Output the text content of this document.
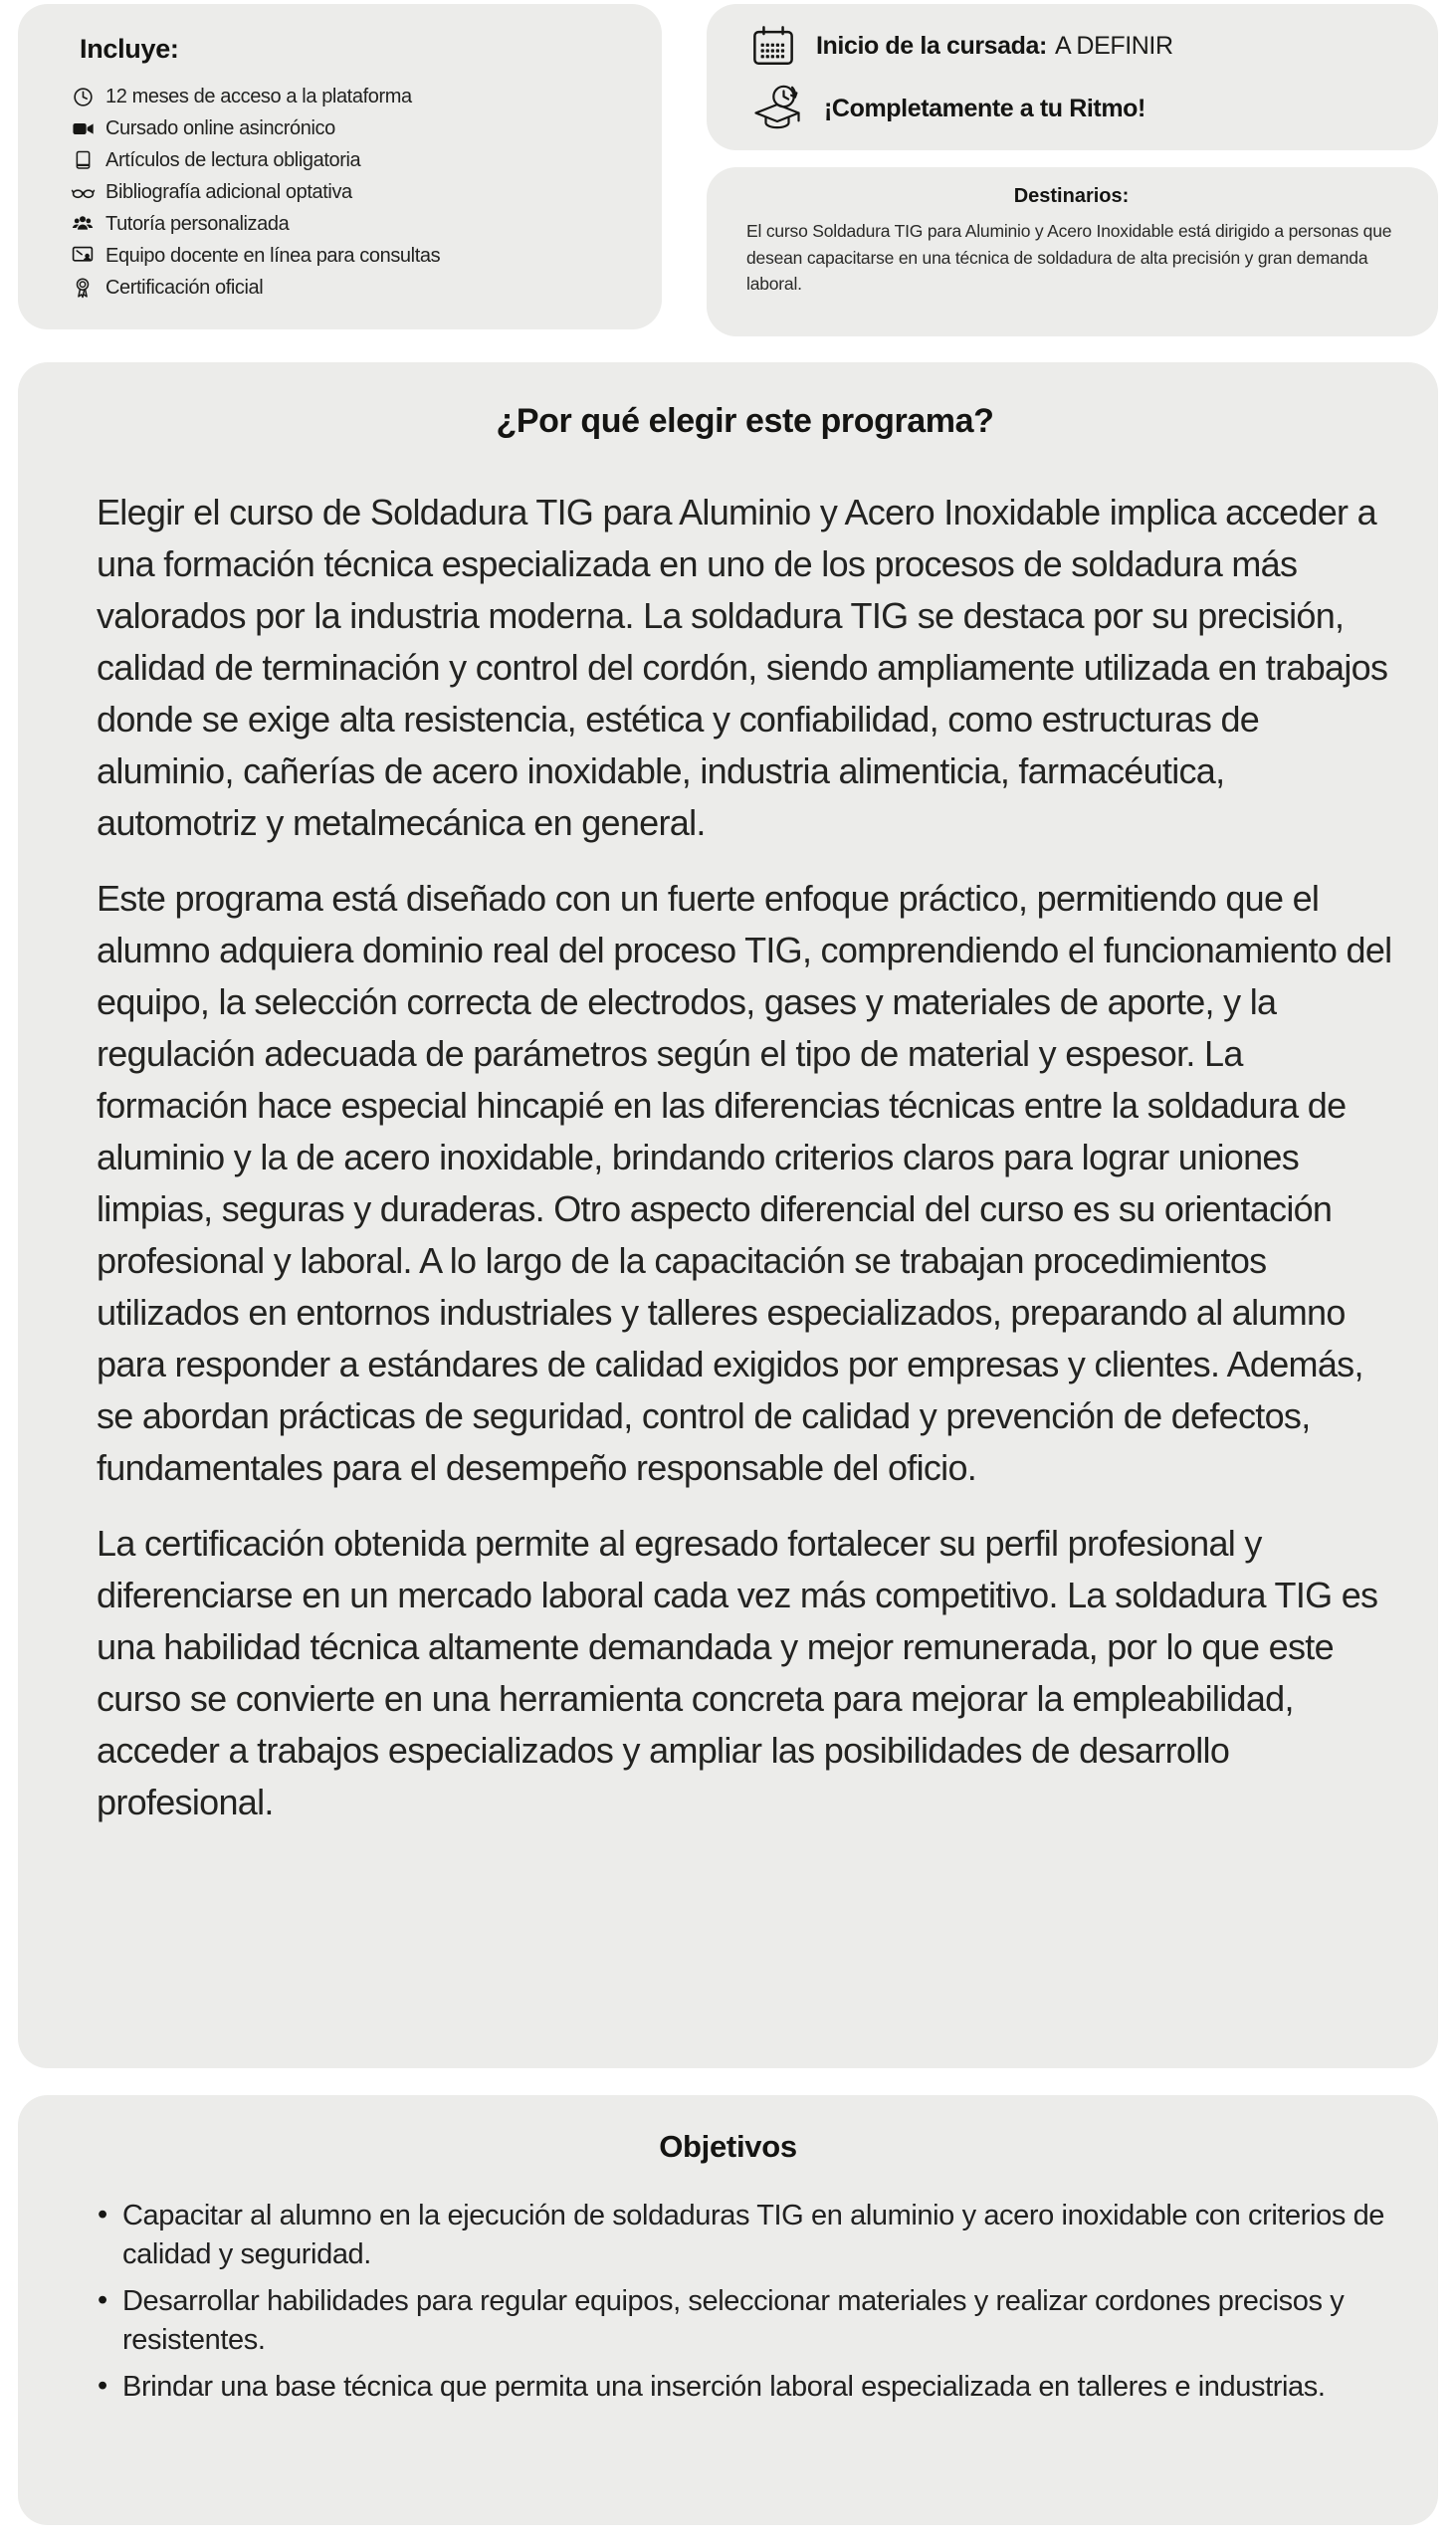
Incluye:
12 meses de acceso a la plataforma
Cursado online asincrónico
Artículos de lectura obligatoria
Bibliografía adicional optativa
Tutoría personalizada
Equipo docente en línea para consultas
Certificación oficial
Inicio de la cursada: A DEFINIR
¡Completamente a tu Ritmo!
Destinarios:

El curso Soldadura TIG para Aluminio y Acero Inoxidable está dirigido a personas que desean capacitarse en una técnica de soldadura de alta precisión y gran demanda laboral.

¿Por qué elegir este programa?

Elegir el curso de Soldadura TIG para Aluminio y Acero Inoxidable implica acceder a una formación técnica especializada en uno de los procesos de soldadura más valorados por la industria moderna. La soldadura TIG se destaca por su precisión, calidad de terminación y control del cordón, siendo ampliamente utilizada en trabajos donde se exige alta resistencia, estética y confiabilidad, como estructuras de aluminio, cañerías de acero inoxidable, industria alimenticia, farmacéutica, automotriz y metalmecánica en general.

Este programa está diseñado con un fuerte enfoque práctico, permitiendo que el alumno adquiera dominio real del proceso TIG, comprendiendo el funcionamiento del equipo, la selección correcta de electrodos, gases y materiales de aporte, y la regulación adecuada de parámetros según el tipo de material y espesor. La formación hace especial hincapié en las diferencias técnicas entre la soldadura de aluminio y la de acero inoxidable, brindando criterios claros para lograr uniones limpias, seguras y duraderas. Otro aspecto diferencial del curso es su orientación profesional y laboral. A lo largo de la capacitación se trabajan procedimientos utilizados en entornos industriales y talleres especializados, preparando al alumno para responder a estándares de calidad exigidos por empresas y clientes. Además, se abordan prácticas de seguridad, control de calidad y prevención de defectos, fundamentales para el desempeño responsable del oficio.

La certificación obtenida permite al egresado fortalecer su perfil profesional y diferenciarse en un mercado laboral cada vez más competitivo. La soldadura TIG es una habilidad técnica altamente demandada y mejor remunerada, por lo que este curso se convierte en una herramienta concreta para mejorar la empleabilidad, acceder a trabajos especializados y ampliar las posibilidades de desarrollo profesional.

Objetivos
• Capacitar al alumno en la ejecución de soldaduras TIG en aluminio y acero inoxidable con criterios de calidad y seguridad.
• Desarrollar habilidades para regular equipos, seleccionar materiales y realizar cordones precisos y resistentes.
• Brindar una base técnica que permita una inserción laboral especializada en talleres e industrias.
